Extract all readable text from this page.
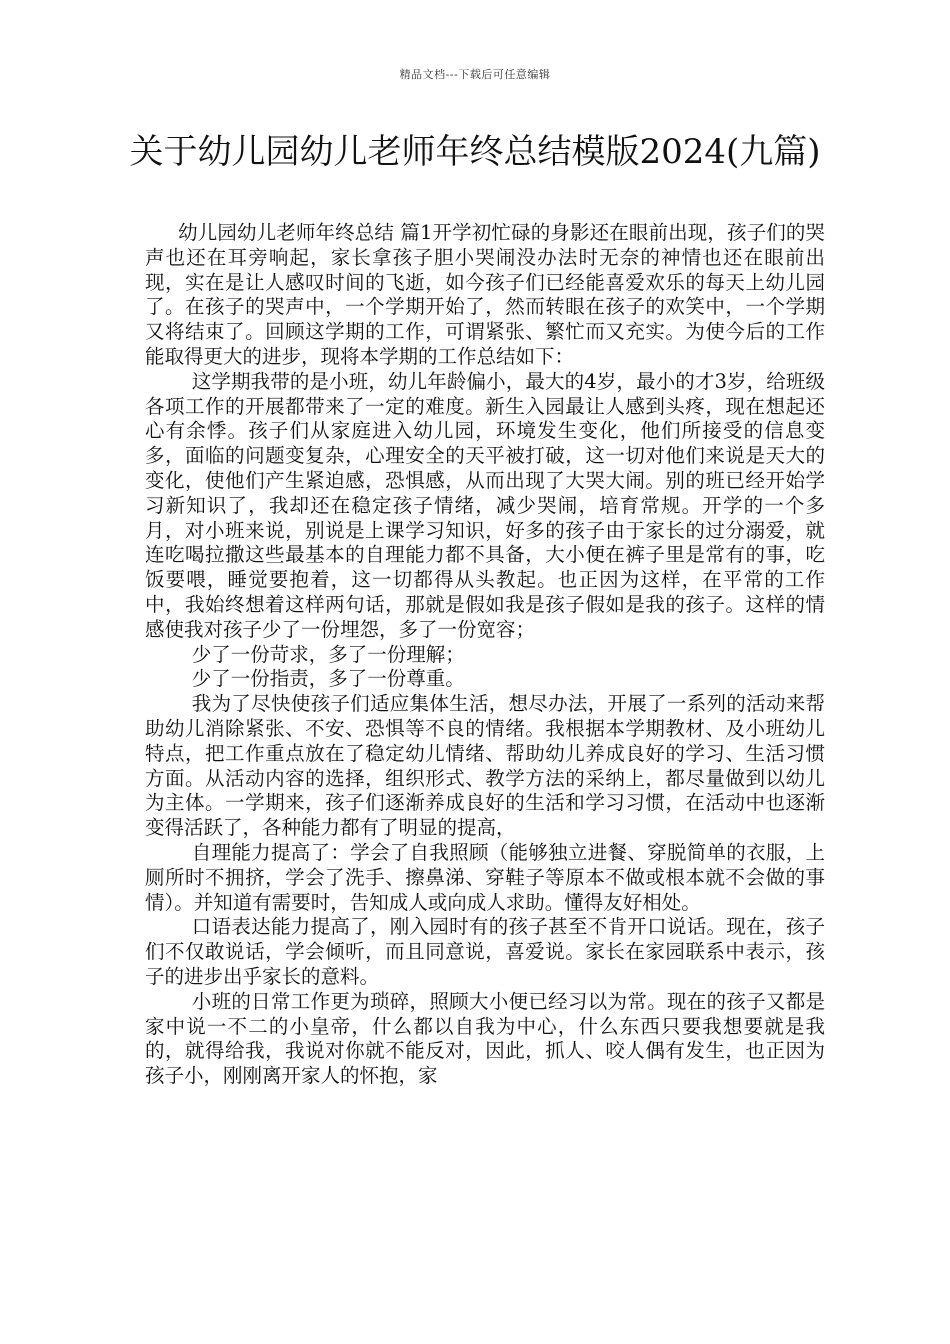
精品文档---下载后可任意编辑
关于幼儿园幼儿老师年终总结模版2024(九篇)

幼儿园幼儿老师年终总结 篇1开学初忙碌的身影还在眼前出现，孩子们的哭声也还在耳旁响起，家长拿孩子胆小哭闹没办法时无奈的神情也还在眼前出现，实在是让人感叹时间的飞逝，如今孩子们已经能喜爱欢乐的每天上幼儿园了。在孩子的哭声中，一个学期开始了，然而转眼在孩子的欢笑中，一个学期又将结束了。回顾这学期的工作，可谓紧张、繁忙而又充实。为使今后的工作能取得更大的进步，现将本学期的工作总结如下：

这学期我带的是小班，幼儿年龄偏小，最大的4岁，最小的才3岁，给班级各项工作的开展都带来了一定的难度。新生入园最让人感到头疼，现在想起还心有余悸。孩子们从家庭进入幼儿园，环境发生变化，他们所接受的信息变多，面临的问题变复杂，心理安全的天平被打破，这一切对他们来说是天大的变化，使他们产生紧迫感，恐惧感，从而出现了大哭大闹。别的班已经开始学习新知识了，我却还在稳定孩子情绪，减少哭闹，培育常规。开学的一个多月，对小班来说，别说是上课学习知识，好多的孩子由于家长的过分溺爱，就连吃喝拉撒这些最基本的自理能力都不具备，大小便在裤子里是常有的事，吃饭要喂，睡觉要抱着，这一切都得从头教起。也正因为这样，在平常的工作中，我始终想着这样两句话，那就是假如我是孩子假如是我的孩子。这样的情感使我对孩子少了一份埋怨，多了一份宽容；

少了一份苛求，多了一份理解；

少了一份指责，多了一份尊重。

我为了尽快使孩子们适应集体生活，想尽办法，开展了一系列的活动来帮助幼儿消除紧张、不安、恐惧等不良的情绪。我根据本学期教材、及小班幼儿特点，把工作重点放在了稳定幼儿情绪、帮助幼儿养成良好的学习、生活习惯方面。从活动内容的选择，组织形式、教学方法的采纳上，都尽量做到以幼儿为主体。一学期来，孩子们逐渐养成良好的生活和学习习惯，在活动中也逐渐变得活跃了，各种能力都有了明显的提高，

自理能力提高了：学会了自我照顾（能够独立进餐、穿脱简单的衣服，上厕所时不拥挤，学会了洗手、擦鼻涕、穿鞋子等原本不做或根本就不会做的事情）。并知道有需要时，告知成人或向成人求助。懂得友好相处。

口语表达能力提高了，刚入园时有的孩子甚至不肯开口说话。现在，孩子们不仅敢说话，学会倾听，而且同意说，喜爱说。家长在家园联系中表示，孩子的进步出乎家长的意料。

小班的日常工作更为琐碎，照顾大小便已经习以为常。现在的孩子又都是家中说一不二的小皇帝，什么都以自我为中心，什么东西只要我想要就是我的，就得给我，我说对你就不能反对，因此，抓人、咬人偶有发生，也正因为孩子小，刚刚离开家人的怀抱，家
